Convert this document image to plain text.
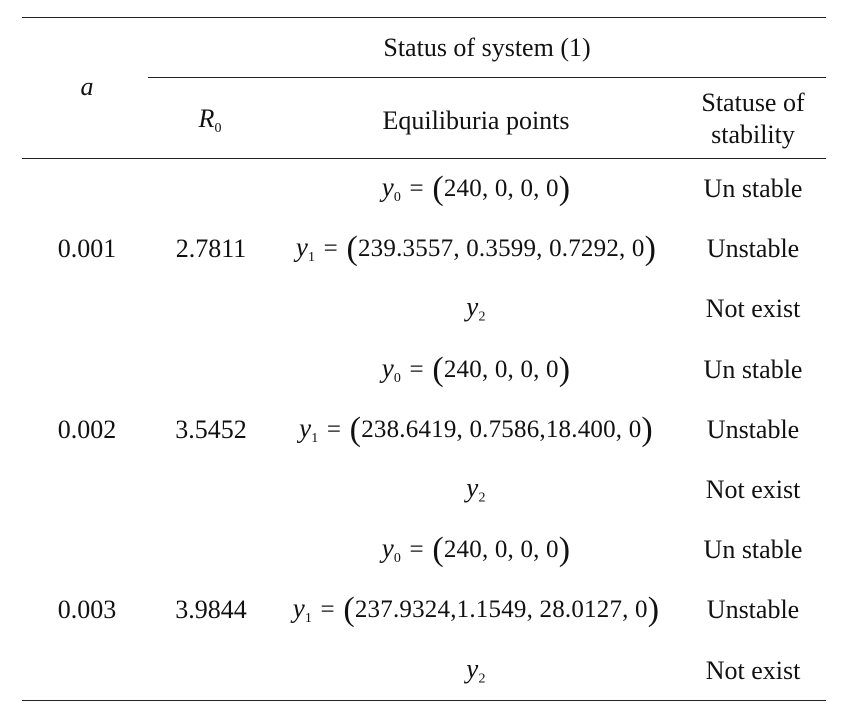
a
Status of system (1)
$R_0$	Equiliburia points
Statuse of
stability
0.001 2.7811
$y_0 = (240$, 0, 0, 0)	Un stable
$y_1 = (239.3557$, 0.3599, 0.7292, 0) Unstable
$y_2$	Not exist
0.002 3.5452
$y_0 = (240$, 0, 0, 0)	Un stable
$y_1 = (238.6419$, 0.7586,18.400, 0) Unstable
$y_2$	Not exist
0.003 3.9844
$y_0 = (240$, 0, 0, 0)	Un stable
$y_1 = (237.9324,1.1549$, 28.0127, 0) Unstable
$y_2$	Not exist
